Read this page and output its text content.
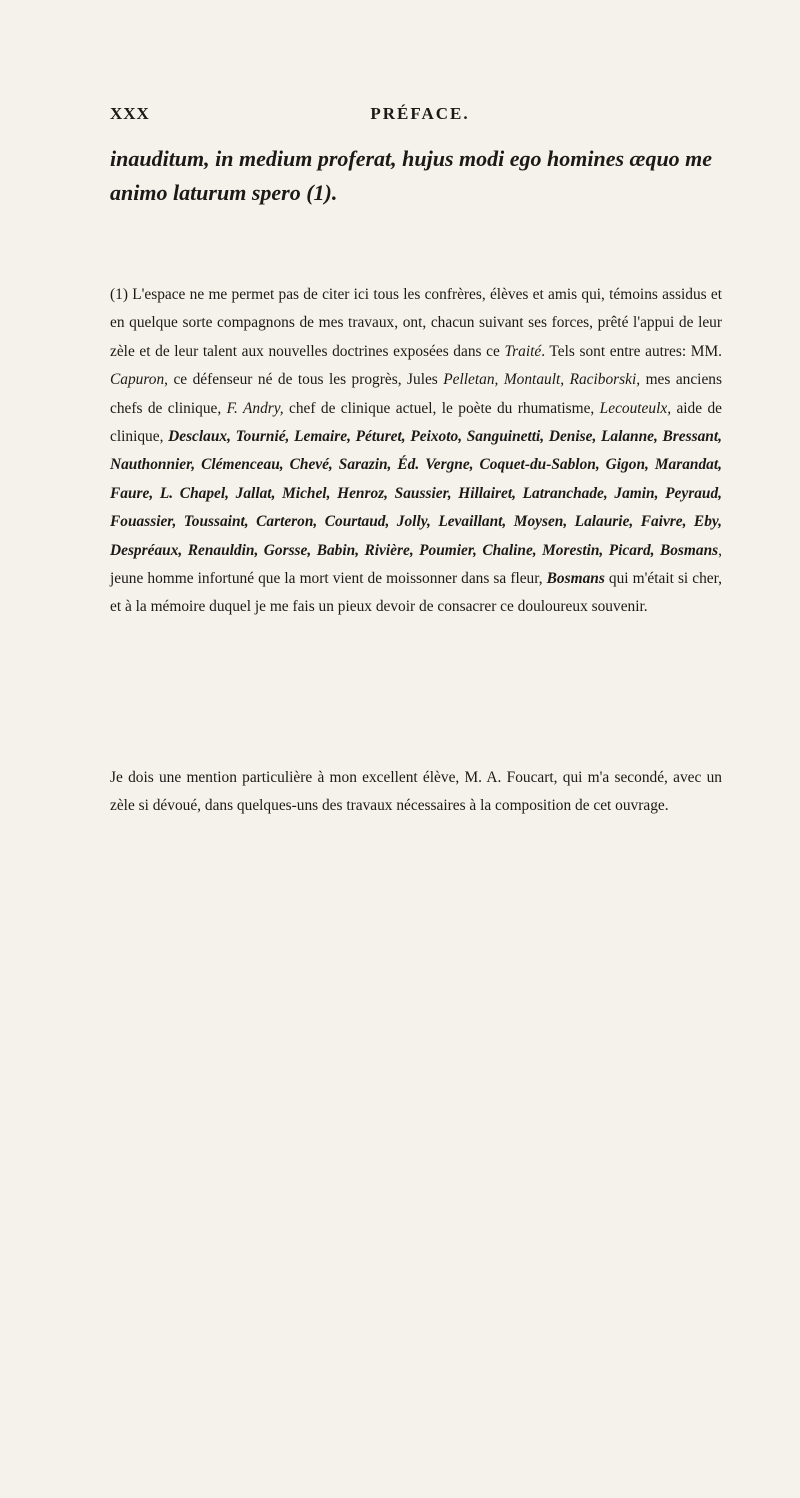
XXX	PRÉFACE.

inauditum, in medium proferat, hujus modi ego homines æquo me animo laturum spero (1).

(1) L'espace ne me permet pas de citer ici tous les confrères, élèves et amis qui, témoins assidus et en quelque sorte compagnons de mes travaux, ont, chacun suivant ses forces, prêté l'appui de leur zèle et de leur talent aux nouvelles doctrines exposées dans ce Traité. Tels sont entre autres: MM. Capuron, ce défenseur né de tous les progrès, Jules Pelletan, Montault, Raciborski, mes anciens chefs de clinique, F. Andry, chef de clinique actuel, le poète du rhumatisme, Lecouteulx, aide de clinique, Desclaux, Tournié, Lemaire, Péturet, Peixoto, Sanguinetti, Denise, Lalanne, Bressant, Nauthonnier, Clémenceau, Chevé, Sarazin, Éd. Vergne, Coquet-du-Sablon, Gigon, Marandat, Faure, L. Chapel, Jallat, Michel, Henroz, Saussier, Hillairet, Latranchade, Jamin, Peyraud, Fouassier, Toussaint, Carteron, Courtaud, Jolly, Levaillant, Moysen, Lalaurie, Faivre, Eby, Despréaux, Renauldin, Gorsse, Babin, Rivière, Poumier, Chaline, Morestin, Picard, Bosmans, jeune homme infortuné que la mort vient de moissonner dans sa fleur, Bosmans qui m'était si cher, et à la mémoire duquel je me fais un pieux devoir de consacrer ce douloureux souvenir.

Je dois une mention particulière à mon excellent élève, M. A. Foucart, qui m'a secondé, avec un zèle si dévoué, dans quelques-uns des travaux nécessaires à la composition de cet ouvrage.
